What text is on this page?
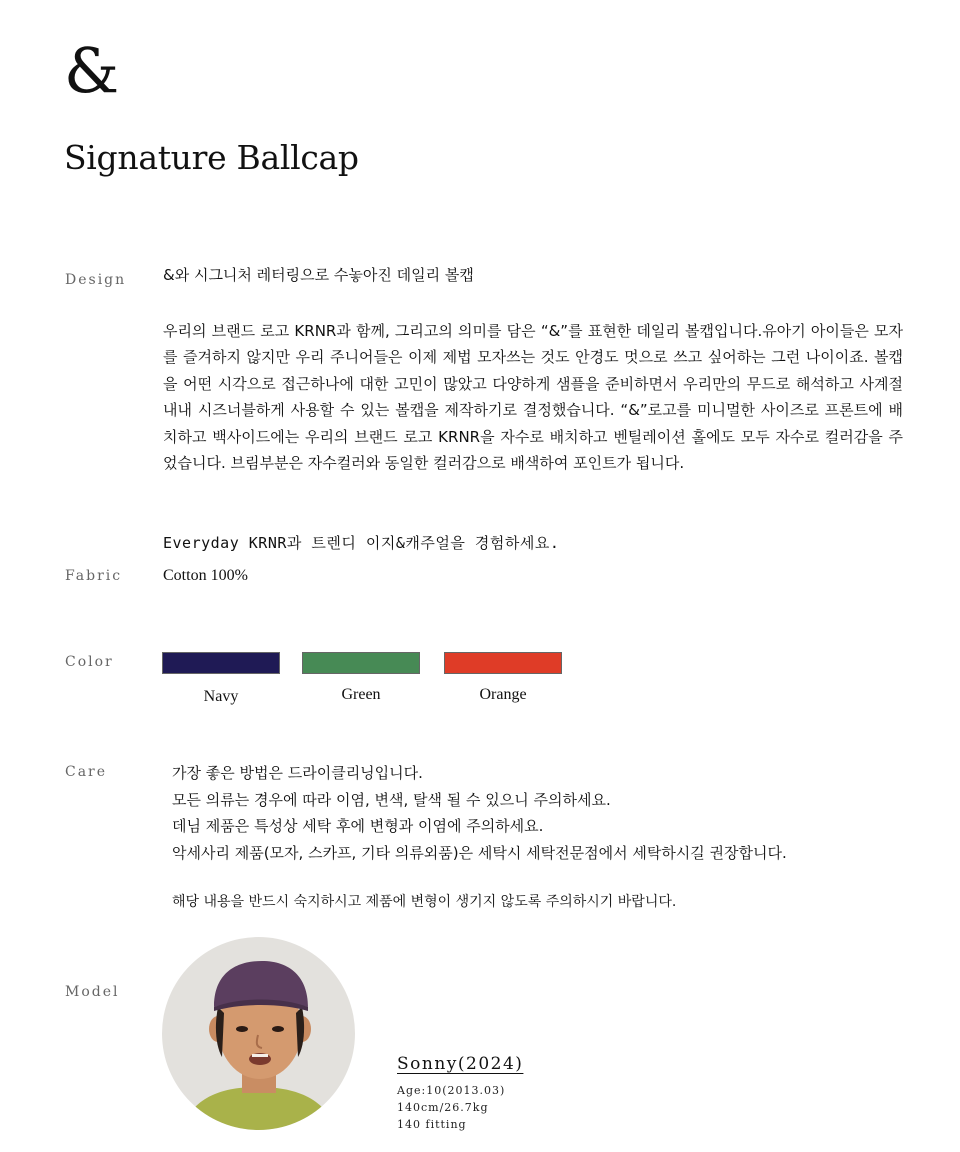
&
Signature Ballcap
Design &와 시그니처 레터링으로 수놓아진 데일리 볼캡
우리의 브랜드 로고 KRNR과 함께, 그리고의 의미를 담은 “&”를 표현한 데일리 볼캡입니다.유아기 아이들은 모자를 즐겨하지 않지만 우리 주니어들은 이제 제법 모자쓰는 것도 안경도 멋으로 쓰고 싶어하는 그런 나이이죠. 볼캡을 어떤 시각으로 접근하나에 대한 고민이 많았고 다양하게 샘플을 준비하면서 우리만의 무드로 해석하고 사계절내내 시즈너블하게 사용할 수 있는 볼캡을 제작하기로 결정했습니다. “&”로고를 미니멀한 사이즈로 프론트에 배치하고 백사이드에는 우리의 브랜드 로고 KRNR을 자수로 배치하고 벤틸레이션 홀에도 모두 자수로 컬러감을 주었습니다. 브림부분은 자수컬러와 동일한 컬러감으로 배색하여 포인트가 됩니다.
Everyday KRNR과 트렌디 이지&캐주얼을 경험하세요.
Fabric	Cotton 100%
Color
Navy	Green	Orange
Care	가장 좋은 방법은 드라이클리닝입니다.
모든 의류는 경우에 따라 이염, 변색, 탈색 될 수 있으니 주의하세요.
데님 제품은 특성상 세탁 후에 변형과 이염에 주의하세요.
악세사리 제품(모자, 스카프, 기타 의류외품)은 세탁시 세탁전문점에서 세탁하시길 권장합니다.
해당 내용을 반드시 숙지하시고 제품에 변형이 생기지 않도록 주의하시기 바랍니다.
Model
Sonny(2024)
Age:10(2013.03)
140cm/26.7kg
140 fitting
